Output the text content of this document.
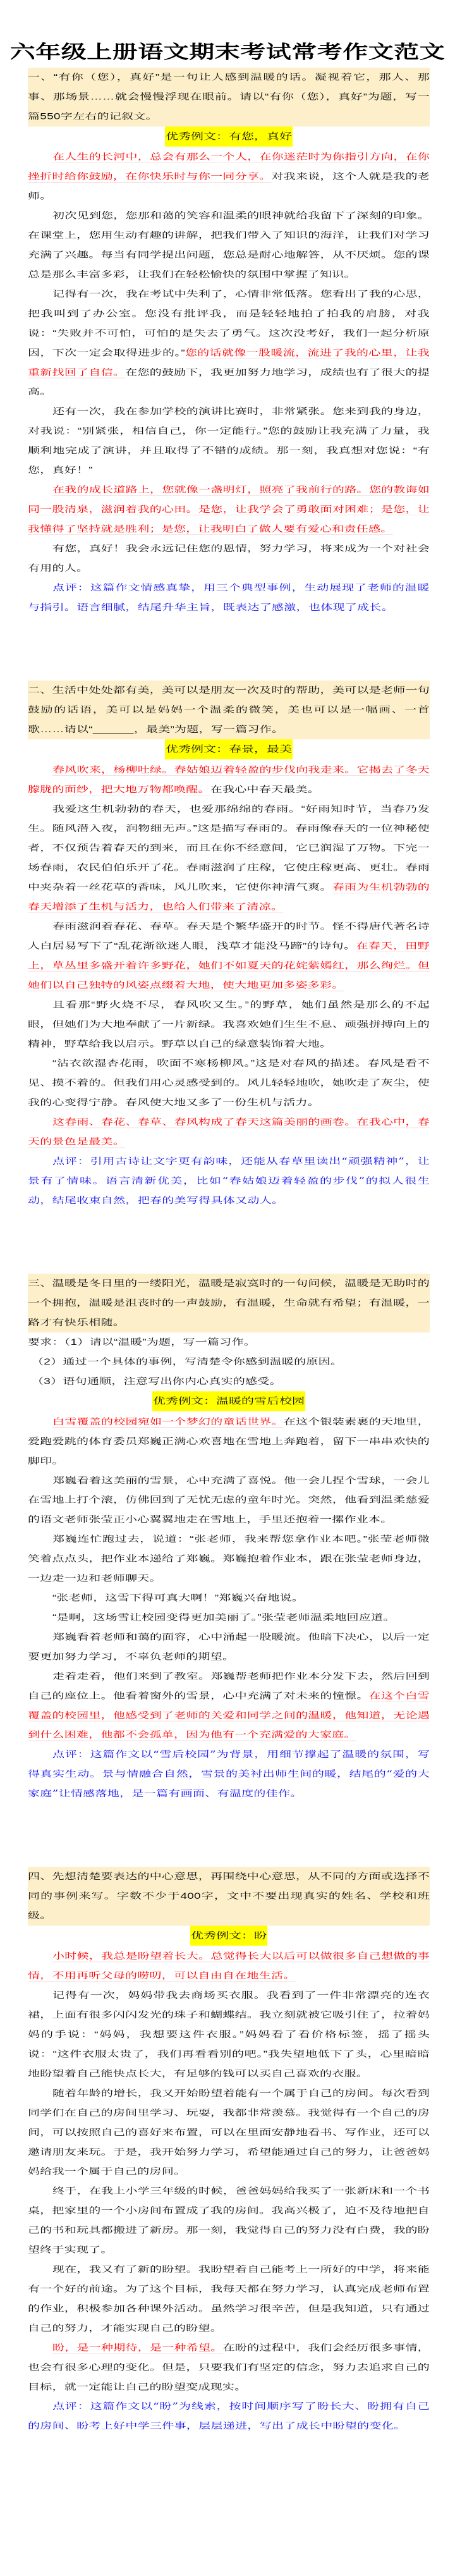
六年级上册语文期末考试常考作文范文
一、“有你（您），真好”是一句让人感到温暖的话。凝视着它，那人、那事、那场景……就会慢慢浮现在眼前。请以“有你（您），真好”为题，写一篇550字左右的记叙文。
优秀例文：有您，真好

在人生的长河中，总会有那么一个人，在你迷茫时为你指引方向，在你挫折时给你鼓励，在你快乐时与你一同分享。对我来说，这个人就是我的老师。

初次见到您，您那和蔼的笑容和温柔的眼神就给我留下了深刻的印象。在课堂上，您用生动有趣的讲解，把我们带入了知识的海洋，让我们对学习充满了兴趣。每当有同学提出问题，您总是耐心地解答，从不厌烦。您的课总是那么丰富多彩，让我们在轻松愉快的氛围中掌握了知识。

记得有一次，我在考试中失利了，心情非常低落。您看出了我的心思，把我叫到了办公室。您没有批评我，而是轻轻地拍了拍我的肩膀，对我说：“失败并不可怕，可怕的是失去了勇气。这次没考好，我们一起分析原因，下次一定会取得进步的。”您的话就像一股暖流，流进了我的心里，让我重新找回了自信。在您的鼓励下，我更加努力地学习，成绩也有了很大的提高。

还有一次，我在参加学校的演讲比赛时，非常紧张。您来到我的身边，对我说：“别紧张，相信自己，你一定能行。”您的鼓励让我充满了力量，我顺利地完成了演讲，并且取得了不错的成绩。那一刻，我真想对您说：“有您，真好！”

在我的成长道路上，您就像一盏明灯，照亮了我前行的路。您的教诲如同一股清泉，滋润着我的心田。是您，让我学会了勇敢面对困难；是您，让我懂得了坚持就是胜利；是您，让我明白了做人要有爱心和责任感。

有您，真好！我会永远记住您的恩情，努力学习，将来成为一个对社会有用的人。

点评：这篇作文情感真挚，用三个典型事例，生动展现了老师的温暖与指引。语言细腻，结尾升华主旨，既表达了感激，也体现了成长。

二、生活中处处都有美，美可以是朋友一次及时的帮助，美可以是老师一句鼓励的话语，美可以是妈妈一个温柔的微笑，美也可以是一幅画、一首歌……请以“______，最美”为题，写一篇习作。
优秀例文：春景，最美

春风吹来，杨柳吐绿。春姑娘迈着轻盈的步伐向我走来。它揭去了冬天朦胧的面纱，把大地万物都唤醒。在我心中春天最美。

我爱这生机勃勃的春天，也爱那绵绵的春雨。“好雨知时节，当春乃发生。随风潜入夜，润物细无声。”这是描写春雨的。春雨像春天的一位神秘使者，不仅预告着春天的到来，而且在你不经意间，它已润湿了万物。下完一场春雨，农民伯伯乐开了花。春雨滋润了庄稼，它使庄稼更高、更壮。春雨中夹杂着一丝花草的香味，风儿吹来，它使你神清气爽。春雨为生机勃勃的春天增添了生机与活力，也给人们带来了清凉。

春雨滋润着春花、春草。春天是个繁华盛开的时节。怪不得唐代著名诗人白居易写下了“乱花渐欲迷人眼，浅草才能没马蹄”的诗句。在春天，田野上，草丛里多盛开着许多野花，她们不如夏天的花姹紫嫣红，那么绚烂。但她们以自己独特的风姿点缀着大地，使大地更加多姿多彩。

且看那“野火烧不尽，春风吹又生。”的野草，她们虽然是那么的不起眼，但她们为大地奉献了一片新绿。我喜欢她们生生不息、顽强拼搏向上的精神，野草给我以启示。野草以自己的绿意装饰着大地。

“沾衣欲湿杏花雨，吹面不寒杨柳风。”这是对春风的描述。春风是看不见、摸不着的。但我们用心灵感受到的。风儿轻轻地吹，她吹走了灰尘，使我的心变得宁静。春风使大地又多了一份生机与活力。

这春雨、春花、春草、春风构成了春天这篇美丽的画卷。在我心中，春天的景色是最美。

点评：引用古诗让文字更有韵味，还能从春草里读出“顽强精神”，让景有了情味。语言清新优美，比如“春姑娘迈着轻盈的步伐”的拟人很生动，结尾收束自然，把春的美写得具体又动人。

三、温暖是冬日里的一缕阳光，温暖是寂寞时的一句问候，温暖是无助时的一个拥抱，温暖是沮丧时的一声鼓励，有温暖，生命就有希望；有温暖，一路才有快乐相随。
要求：（1）请以“温暖”为题，写一篇习作。
（2）通过一个具体的事例，写清楚令你感到温暖的原因。
（3）语句通顺，注意写出你内心真实的感受。
优秀例文：温暖的雪后校园

白雪覆盖的校园宛如一个梦幻的童话世界。在这个银装素裹的天地里，爱跑爱跳的体育委员郑巍正满心欢喜地在雪地上奔跑着，留下一串串欢快的脚印。

郑巍看着这美丽的雪景，心中充满了喜悦。他一会儿捏个雪球，一会儿在雪地上打个滚，仿佛回到了无忧无虑的童年时光。突然，他看到温柔慈爱的语文老师张莹正小心翼翼地走在雪地上，手里还抱着一摞作业本。

郑巍连忙跑过去，说道：“张老师，我来帮您拿作业本吧。”张莹老师微笑着点点头，把作业本递给了郑巍。郑巍抱着作业本，跟在张莹老师身边，一边走一边和老师聊天。

“张老师，这雪下得可真大啊！”郑巍兴奋地说。

“是啊，这场雪让校园变得更加美丽了。”张莹老师温柔地回应道。

郑巍看着老师和蔼的面容，心中涌起一股暖流。他暗下决心，以后一定要更加努力学习，不辜负老师的期望。

走着走着，他们来到了教室。郑巍帮老师把作业本分发下去，然后回到自己的座位上。他看着窗外的雪景，心中充满了对未来的憧憬。在这个白雪覆盖的校园里，他感受到了老师的关爱和同学之间的温暖，他知道，无论遇到什么困难，他都不会孤单，因为他有一个充满爱的大家庭。

点评：这篇作文以“雪后校园”为背景，用细节撑起了温暖的氛围，写得真实生动。景与情融合自然，雪景的美衬出师生间的暖，结尾的“爱的大家庭”让情感落地，是一篇有画面、有温度的佳作。

四、先想清楚要表达的中心意思，再围绕中心意思，从不同的方面或选择不同的事例来写。字数不少于400字，文中不要出现真实的姓名、学校和班级。
优秀例文：盼

小时候，我总是盼望着长大。总觉得长大以后可以做很多自己想做的事情，不用再听父母的唠叨，可以自由自在地生活。

记得有一次，妈妈带我去商场买衣服。我看到了一件非常漂亮的连衣裙，上面有很多闪闪发光的珠子和蝴蝶结。我立刻就被它吸引住了，拉着妈妈的手说：“妈妈，我想要这件衣服。”妈妈看了看价格标签，摇了摇头说：“这件衣服太贵了，我们再看看别的吧。”我失望地低下了头，心里暗暗地盼望着自己能快点长大，有足够的钱可以买自己喜欢的衣服。

随着年龄的增长，我又开始盼望着能有一个属于自己的房间。每次看到同学们在自己的房间里学习、玩耍，我都非常羡慕。我觉得有一个自己的房间，可以按照自己的喜好来布置，可以在里面安静地看书、写作业，还可以邀请朋友来玩。于是，我开始努力学习，希望能通过自己的努力，让爸爸妈妈给我一个属于自己的房间。

终于，在我上小学三年级的时候，爸爸妈妈给我买了一张新床和一个书桌，把家里的一个小房间布置成了我的房间。我高兴极了，迫不及待地把自己的书和玩具都搬进了新房。那一刻，我觉得自己的努力没有白费，我的盼望终于实现了。

现在，我又有了新的盼望。我盼望着自己能考上一所好的中学，将来能有一个好的前途。为了这个目标，我每天都在努力学习，认真完成老师布置的作业，积极参加各种课外活动。虽然学习很辛苦，但是我知道，只有通过自己的努力，才能实现自己的盼望。

盼，是一种期待，是一种希望。在盼的过程中，我们会经历很多事情，也会有很多心理的变化。但是，只要我们有坚定的信念，努力去追求自己的目标，就一定能让自己的盼望变成现实。

点评：这篇作文以“盼”为线索，按时间顺序写了盼长大、盼拥有自己的房间、盼考上好中学三件事，层层递进，写出了成长中盼望的变化。
